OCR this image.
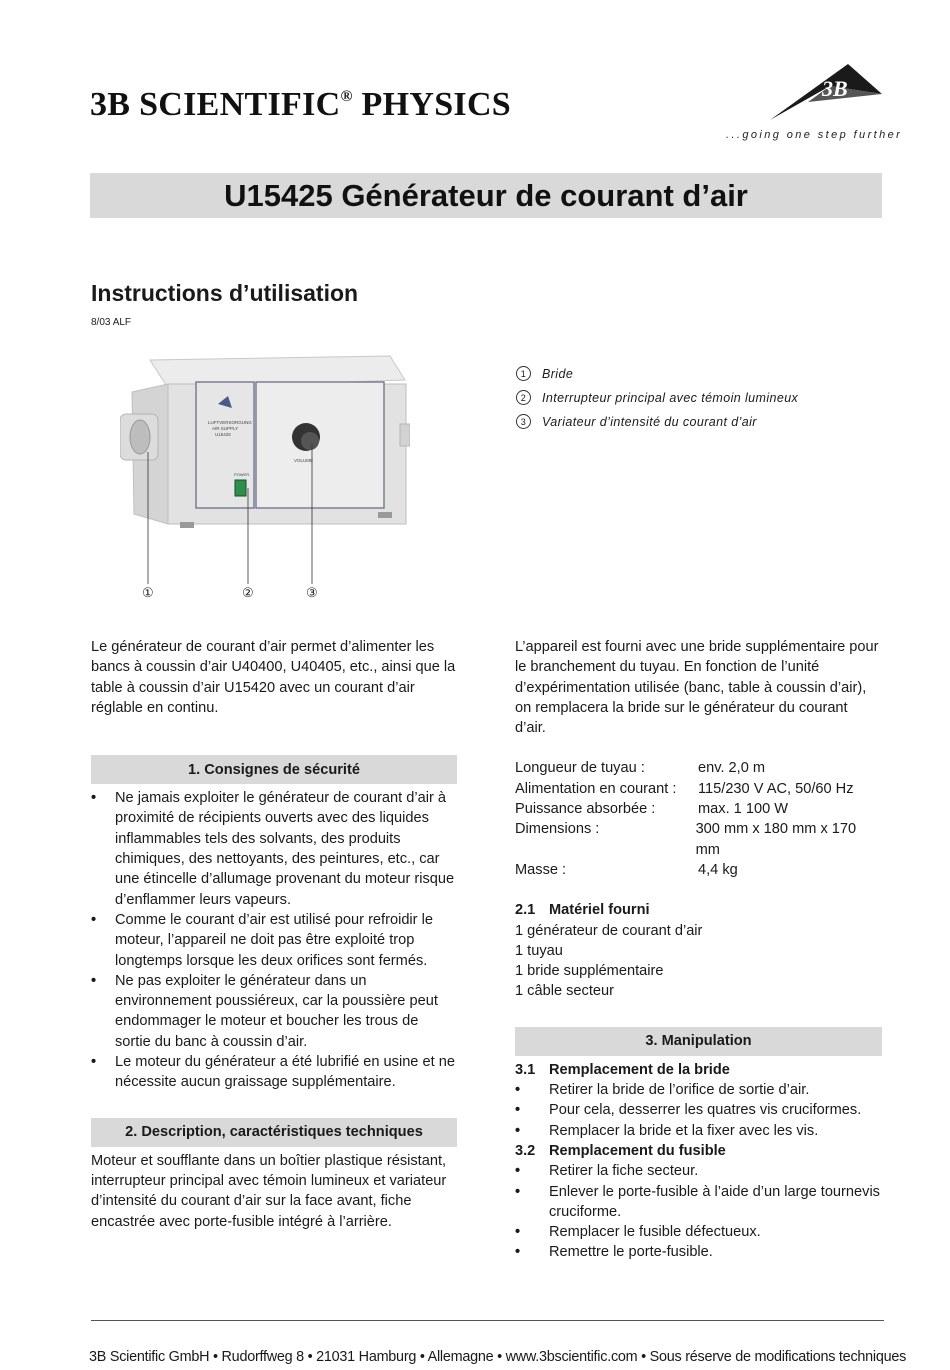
3B SCIENTIFIC® PHYSICS	3B
...going one step further
U15425 Générateur de courant d’air
Instructions d’utilisation
8/03 ALF
LUFTVERSORGUNG
AIR SUPPLY
U15425
POWER
VOLUME
①	②	③
1	Bride
2	Interrupteur principal avec témoin lumineux
3	Variateur d’intensité du courant d’air

Le générateur de courant d’air permet d’alimenter les bancs à coussin d’air U40400, U40405, etc., ainsi que la table à coussin d’air U15420 avec un courant d’air réglable en continu.

1. Consignes de sécurité
• Ne jamais exploiter le générateur de courant d’air à proximité de récipients ouverts avec des liquides inflammables tels des solvants, des produits chimiques, des nettoyants, des peintures, etc., car une étincelle d’allumage provenant du moteur risque d’enflammer leurs vapeurs.
• Comme le courant d’air est utilisé pour refroidir le moteur, l’appareil ne doit pas être exploité trop longtemps lorsque les deux orifices sont fermés.
• Ne pas exploiter le générateur dans un environnement poussiéreux, car la poussière peut endommager le moteur et boucher les trous de sortie du banc à coussin d’air.
• Le moteur du générateur a été lubrifié en usine et ne nécessite aucun graissage supplémentaire.
2. Description, caractéristiques techniques

Moteur et soufflante dans un boîtier plastique résistant, interrupteur principal avec témoin lumineux et variateur d’intensité du courant d’air sur la face avant, fiche encastrée avec porte-fusible intégré à l’arrière.

L’appareil est fourni avec une bride supplémentaire pour le branchement du tuyau. En fonction de l’unité d’expérimentation utilisée (banc, table à coussin d’air), on remplacera la bride sur le générateur du courant d’air.

Longueur de tuyau :	env. 2,0 m
Alimentation en courant :	115/230 V AC, 50/60 Hz
Puissance absorbée :	max. 1 100 W
Dimensions :	300 mm x 180 mm x 170 mm
Masse :	4,4 kg
2.1 Matériel fourni
1 générateur de courant d’air
1 tuyau
1 bride supplémentaire
1 câble secteur
3. Manipulation
3.1 Remplacement de la bride
• Retirer la bride de l’orifice de sortie d’air.
• Pour cela, desserrer les quatres vis cruciformes.
• Remplacer la bride et la fixer avec les vis.
3.2 Remplacement du fusible
• Retirer la fiche secteur.
• Enlever le porte-fusible à l’aide d’un large tournevis cruciforme.
• Remplacer le fusible défectueux.
• Remettre le porte-fusible.
3B Scientific GmbH • Rudorffweg 8 • 21031 Hamburg • Allemagne • www.3bscientific.com • Sous réserve de modifications techniques
